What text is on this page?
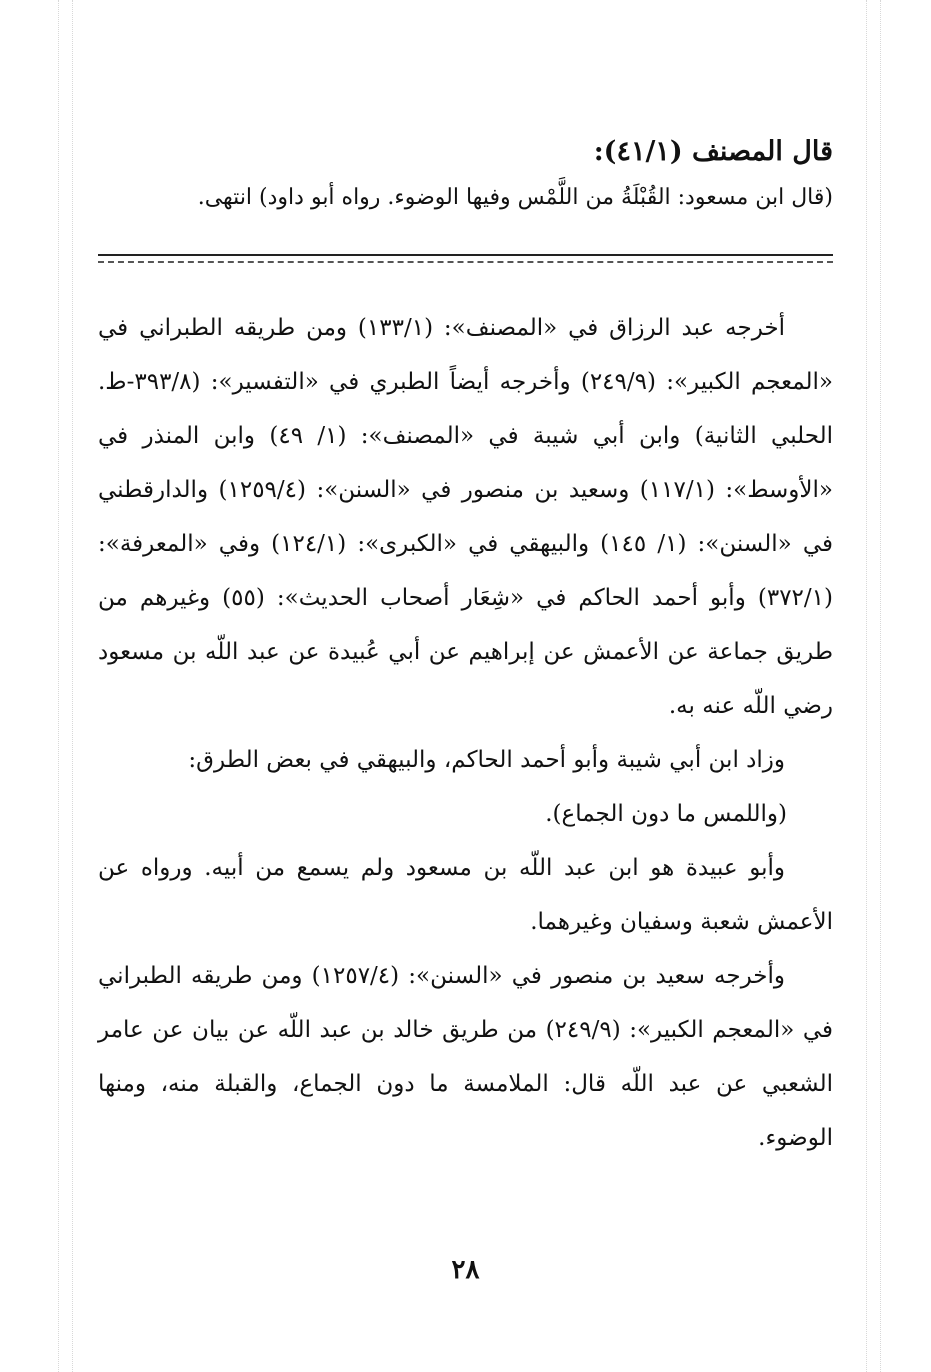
قال المصنف (٤١/١):

(قال ابن مسعود: القُبْلَةُ من اللَّمْس وفيها الوضوء. رواه أبو داود) انتهى.

أخرجه عبد الرزاق في «المصنف»: (١٣٣/١) ومن طريقه الطبراني في «المعجم الكبير»: (٢٤٩/٩) وأخرجه أيضاً الطبري في «التفسير»: (٣٩٣/٨-ط. الحلبي الثانية) وابن أبي شيبة في «المصنف»: (١/ ٤٩) وابن المنذر في «الأوسط»: (١١٧/١) وسعيد بن منصور في «السنن»: (١٢٥٩/٤) والدارقطني في «السنن»: (١/ ١٤٥) والبيهقي في «الكبرى»: (١٢٤/١) وفي «المعرفة»: (٣٧٢/١) وأبو أحمد الحاكم في «شِعَار أصحاب الحديث»: (٥٥) وغيرهم من طريق جماعة عن الأعمش عن إبراهيم عن أبي عُبيدة عن عبد اللّه بن مسعود رضي اللّه عنه به.

وزاد ابن أبي شيبة وأبو أحمد الحاكم، والبيهقي في بعض الطرق:

(واللمس ما دون الجماع).

وأبو عبيدة هو ابن عبد اللّه بن مسعود ولم يسمع من أبيه. ورواه عن الأعمش شعبة وسفيان وغيرهما.

وأخرجه سعيد بن منصور في «السنن»: (١٢٥٧/٤) ومن طريقه الطبراني في «المعجم الكبير»: (٢٤٩/٩) من طريق خالد بن عبد اللّه عن بيان عن عامر الشعبي عن عبد اللّه قال: الملامسة ما دون الجماع، والقبلة منه، ومنها الوضوء.

٢٨
